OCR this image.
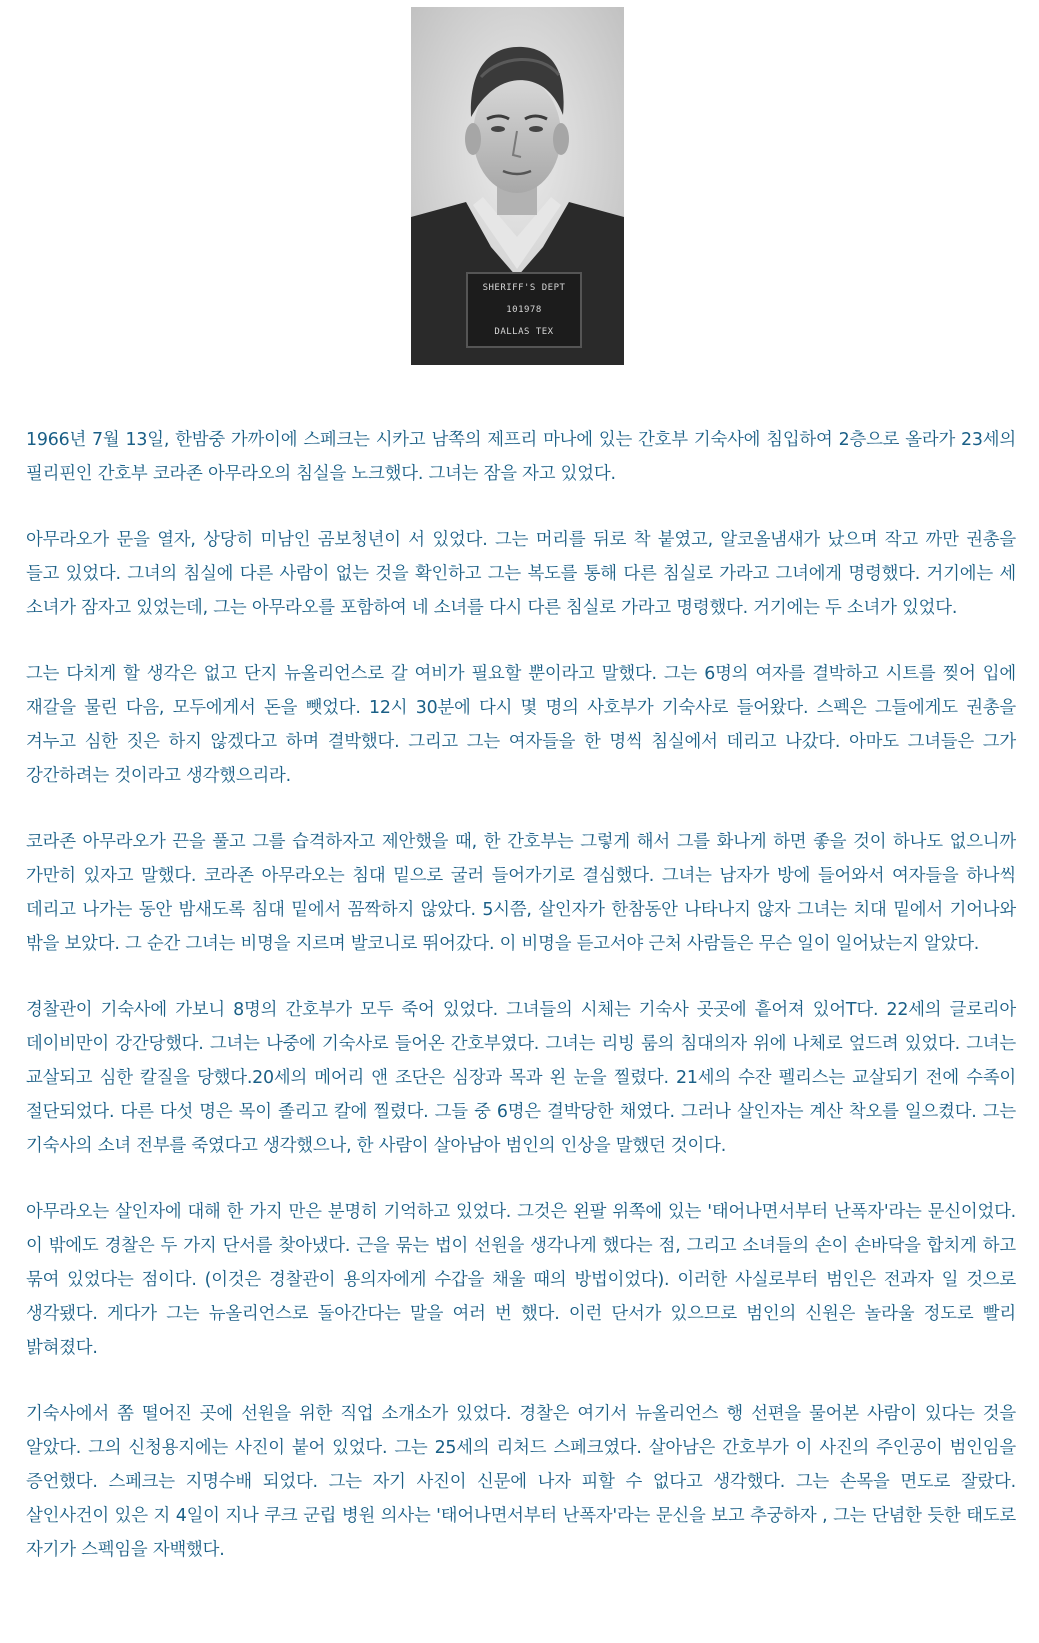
SHERIFF'S DEPT
101978
DALLAS TEX

1966년 7월 13일, 한밤중 가까이에 스페크는 시카고 남쪽의 제프리 마나에 있는 간호부 기숙사에 침입하여 2층으로 올라가 23세의 필리핀인 간호부 코라존 아무라오의 침실을 노크했다. 그녀는 잠을 자고 있었다.

아무라오가 문을 열자, 상당히 미남인 곰보청년이 서 있었다. 그는 머리를 뒤로 착 붙였고, 알코올냄새가 났으며 작고 까만 권총을 들고 있었다. 그녀의 침실에 다른 사람이 없는 것을 확인하고 그는 복도를 통해 다른 침실로 가라고 그녀에게 명령했다. 거기에는 세 소녀가 잠자고 있었는데, 그는 아무라오를 포함하여 네 소녀를 다시 다른 침실로 가라고 명령했다. 거기에는 두 소녀가 있었다.

그는 다치게 할 생각은 없고 단지 뉴올리언스로 갈 여비가 필요할 뿐이라고 말했다. 그는 6명의 여자를 결박하고 시트를 찢어 입에 재갈을 물린 다음, 모두에게서 돈을 뺏었다. 12시 30분에 다시 몇 명의 사호부가 기숙사로 들어왔다. 스펙은 그들에게도 권총을 겨누고 심한 짓은 하지 않겠다고 하며 결박했다. 그리고 그는 여자들을 한 명씩 침실에서 데리고 나갔다. 아마도 그녀들은 그가 강간하려는 것이라고 생각했으리라.

코라존 아무라오가 끈을 풀고 그를 습격하자고 제안했을 때, 한 간호부는 그렇게 해서 그를 화나게 하면 좋을 것이 하나도 없으니까 가만히 있자고 말했다. 코라존 아무라오는 침대 밑으로 굴러 들어가기로 결심했다. 그녀는 남자가 방에 들어와서 여자들을 하나씩 데리고 나가는 동안 밤새도록 침대 밑에서 꼼짝하지 않았다. 5시쯤, 살인자가 한참동안 나타나지 않자 그녀는 치대 밑에서 기어나와 밖을 보았다. 그 순간 그녀는 비명을 지르며 발코니로 뛰어갔다. 이 비명을 듣고서야 근처 사람들은 무슨 일이 일어났는지 알았다.

경찰관이 기숙사에 가보니 8명의 간호부가 모두 죽어 있었다. 그녀들의 시체는 기숙사 곳곳에 흩어져 있어T다. 22세의 글로리아 데이비만이 강간당했다. 그녀는 나중에 기숙사로 들어온 간호부였다. 그녀는 리빙 룸의 침대의자 위에 나체로 엎드려 있었다. 그녀는 교살되고 심한 칼질을 당했다.20세의 메어리 앤 조단은 심장과 목과 왼 눈을 찔렸다. 21세의 수잔 펠리스는 교살되기 전에 수족이 절단되었다. 다른 다섯 명은 목이 졸리고 칼에 찔렸다. 그들 중 6명은 결박당한 채였다. 그러나 살인자는 계산 착오를 일으켰다. 그는 기숙사의 소녀 전부를 죽였다고 생각했으나, 한 사람이 살아남아 범인의 인상을 말했던 것이다.

아무라오는 살인자에 대해 한 가지 만은 분명히 기억하고 있었다. 그것은 왼팔 위쪽에 있는 '태어나면서부터 난폭자'라는 문신이었다. 이 밖에도 경찰은 두 가지 단서를 찾아냈다. 근을 묶는 법이 선원을 생각나게 했다는 점, 그리고 소녀들의 손이 손바닥을 합치게 하고 묶여 있었다는 점이다. (이것은 경찰관이 용의자에게 수갑을 채울 때의 방법이었다). 이러한 사실로부터 범인은 전과자 일 것으로 생각됐다. 게다가 그는 뉴올리언스로 돌아간다는 말을 여러 번 했다. 이런 단서가 있으므로 범인의 신원은 놀라울 정도로 빨리 밝혀졌다.

기숙사에서 쫌 떨어진 곳에 선원을 위한 직업 소개소가 있었다. 경찰은 여기서 뉴올리언스 행 선편을 물어본 사람이 있다는 것을 알았다. 그의 신청용지에는 사진이 붙어 있었다. 그는 25세의 리처드 스페크였다. 살아남은 간호부가 이 사진의 주인공이 범인임을 증언했다. 스페크는 지명수배 되었다. 그는 자기 사진이 신문에 나자 피할 수 없다고 생각했다. 그는 손목을 면도로 잘랐다. 살인사건이 있은 지 4일이 지나 쿠크 군립 병원 의사는 '태어나면서부터 난폭자'라는 문신을 보고 추궁하자 , 그는 단념한 듯한 태도로 자기가 스펙임을 자백했다.
